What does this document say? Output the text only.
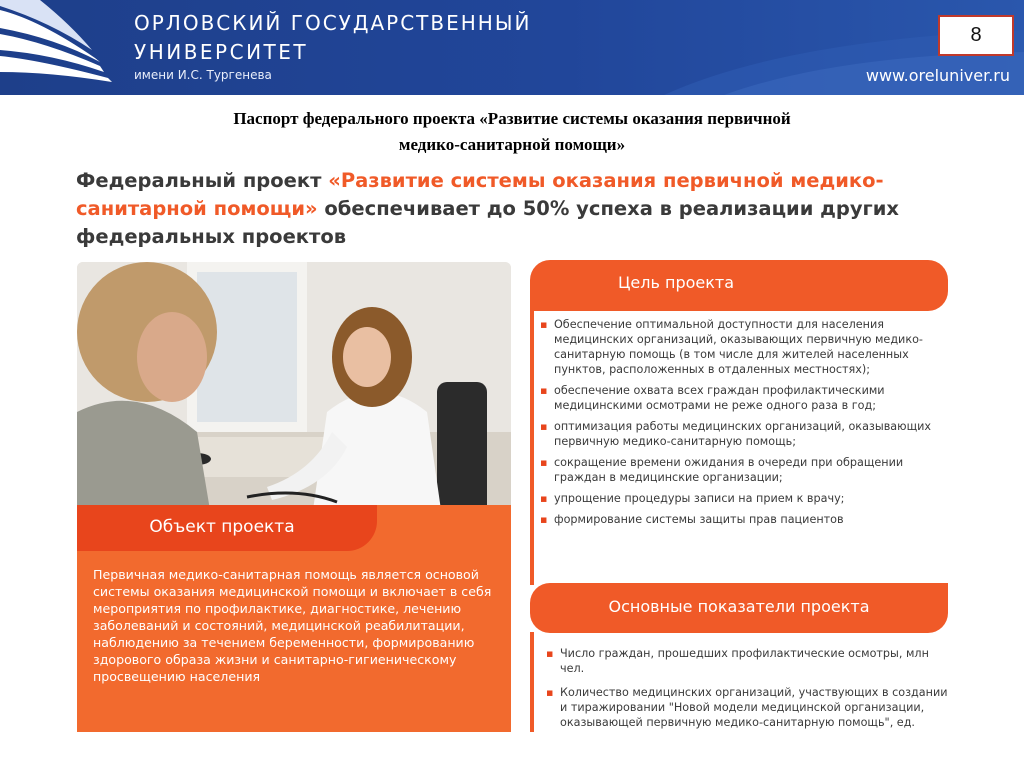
ОРЛОВСКИЙ ГОСУДАРСТВЕННЫЙ
УНИВЕРСИТЕТ
имени И.С. Тургенева	www.oreluniver.ru
8
Паспорт федерального проекта «Развитие системы оказания первичной
медико-санитарной помощи»
Федеральный проект «Развитие системы оказания первичной медико-санитарной помощи» обеспечивает до 50% успеха в реализации других федеральных проектов
Объект проекта
Первичная медико-санитарная помощь является основой системы оказания медицинской помощи и включает в себя мероприятия по профилактике, диагностике, лечению заболеваний и состояний, медицинской реабилитации, наблюдению за течением беременности, формированию здорового образа жизни и санитарно-гигиеническому просвещению населения
Цель проекта
▪ Обеспечение оптимальной доступности для населения медицинских организаций, оказывающих первичную медико-санитарную помощь (в том числе для жителей населенных пунктов, расположенных в отдаленных местностях);
▪ обеспечение охвата всех граждан профилактическими медицинскими осмотрами не реже одного раза в год;
▪ оптимизация работы медицинских организаций, оказывающих первичную медико-санитарную помощь;
▪ сокращение времени ожидания в очереди при обращении граждан в медицинские организации;
▪ упрощение процедуры записи на прием к врачу;
▪ формирование системы защиты прав пациентов
Основные показатели проекта
▪ Число граждан, прошедших профилактические осмотры, млн чел.
▪ Количество медицинских организаций, участвующих в создании и тиражировании "Новой модели медицинской организации, оказывающей первичную медико-санитарную помощь", ед.
